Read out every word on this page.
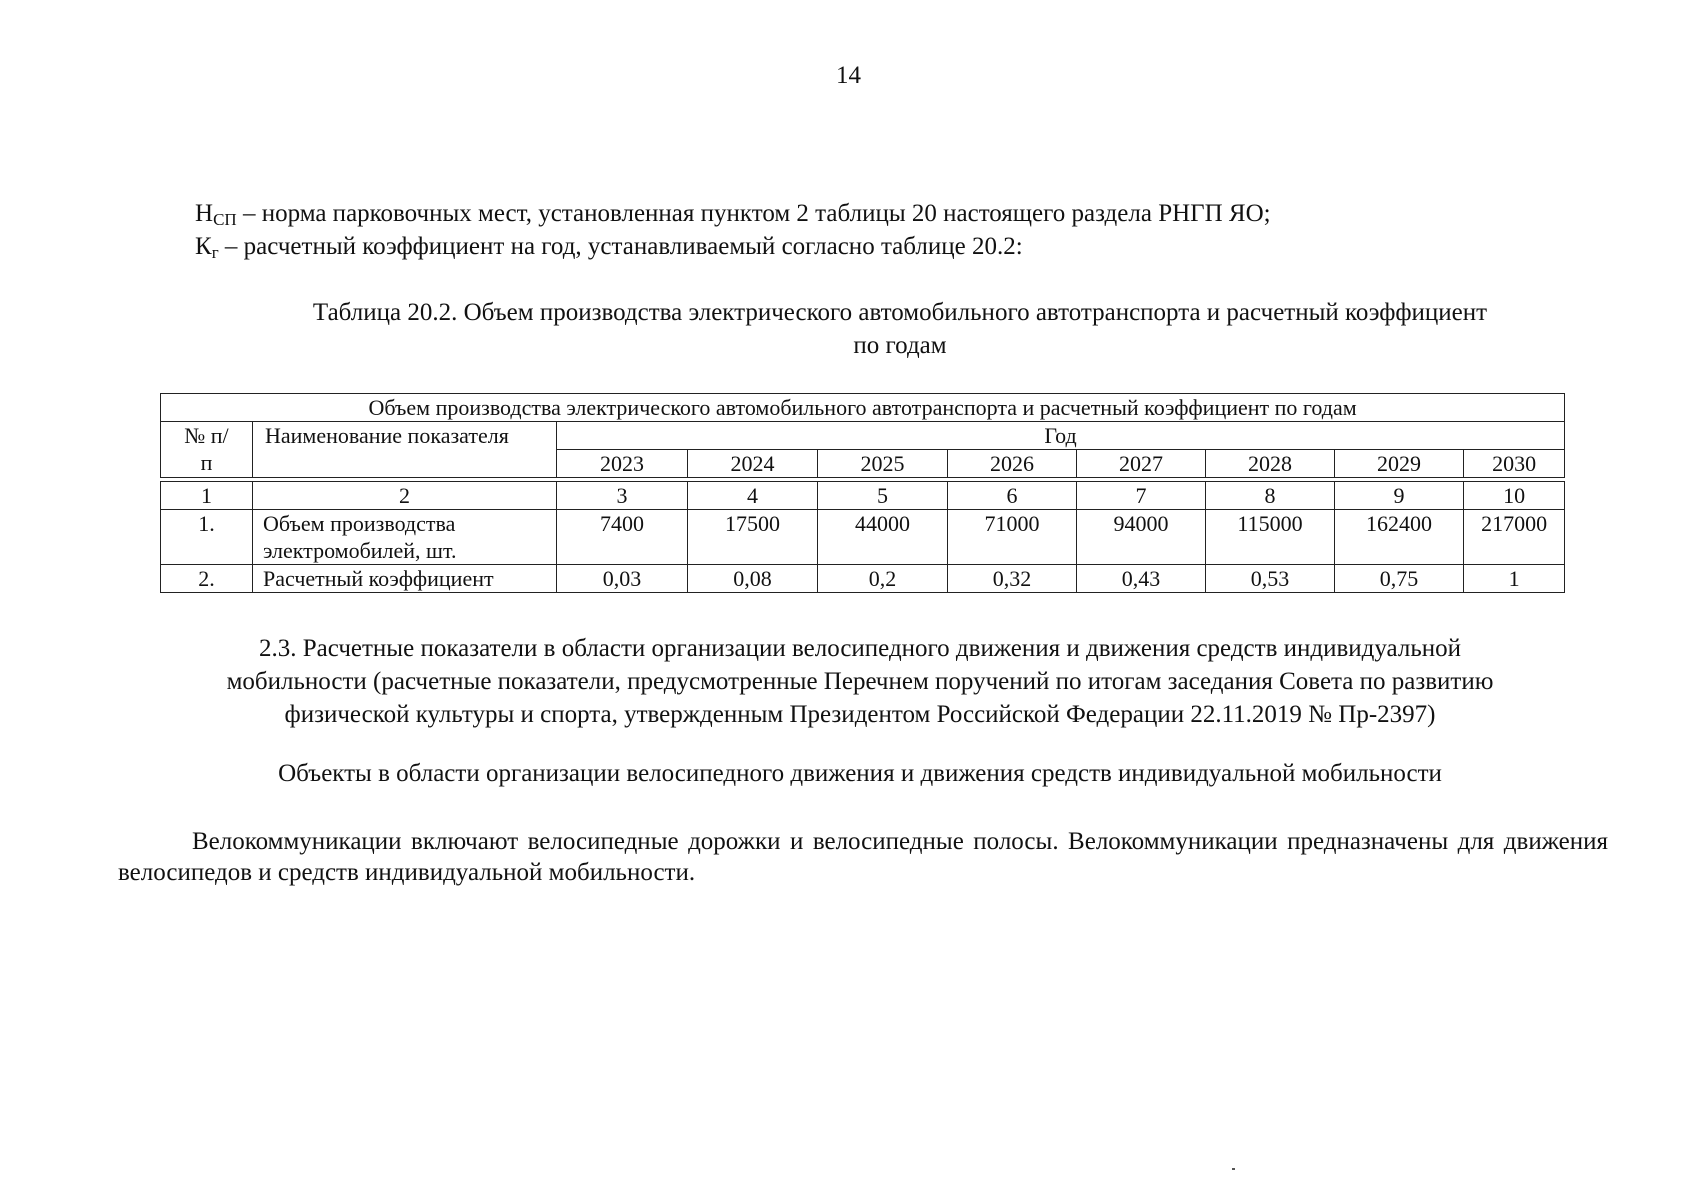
14
НСП – норма парковочных мест, установленная пунктом 2 таблицы 20 настоящего раздела РНГП ЯО;
Кг – расчетный коэффициент на год, устанавливаемый согласно таблице 20.2:
Таблица 20.2. Объем производства электрического автомобильного автотранспорта и расчетный коэффициент
по годам
Объем производства электрического автомобильного автотранспорта и расчетный коэффициент по годам									
№ п/п	Наименование показателя	Год							
		2023	2024	2025	2026	2027	2028	2029	2030

1	2	3	4	5	6	7	8	9	10
1.	Объем производства электромобилей, шт.	7400	17500	44000	71000	94000	115000	162400	217000
2.	Расчетный коэффициент	0,03	0,08	0,2	0,32	0,43	0,53	0,75	1
2.3. Расчетные показатели в области организации велосипедного движения и движения средств индивидуальной
мобильности (расчетные показатели, предусмотренные Перечнем поручений по итогам заседания Совета по развитию
физической культуры и спорта, утвержденным Президентом Российской Федерации 22.11.2019 № Пр-2397)
Объекты в области организации велосипедного движения и движения средств индивидуальной мобильности
Велокоммуникации включают велосипедные дорожки и велосипедные полосы. Велокоммуникации предназначены для движения велосипедов и средств индивидуальной мобильности.
